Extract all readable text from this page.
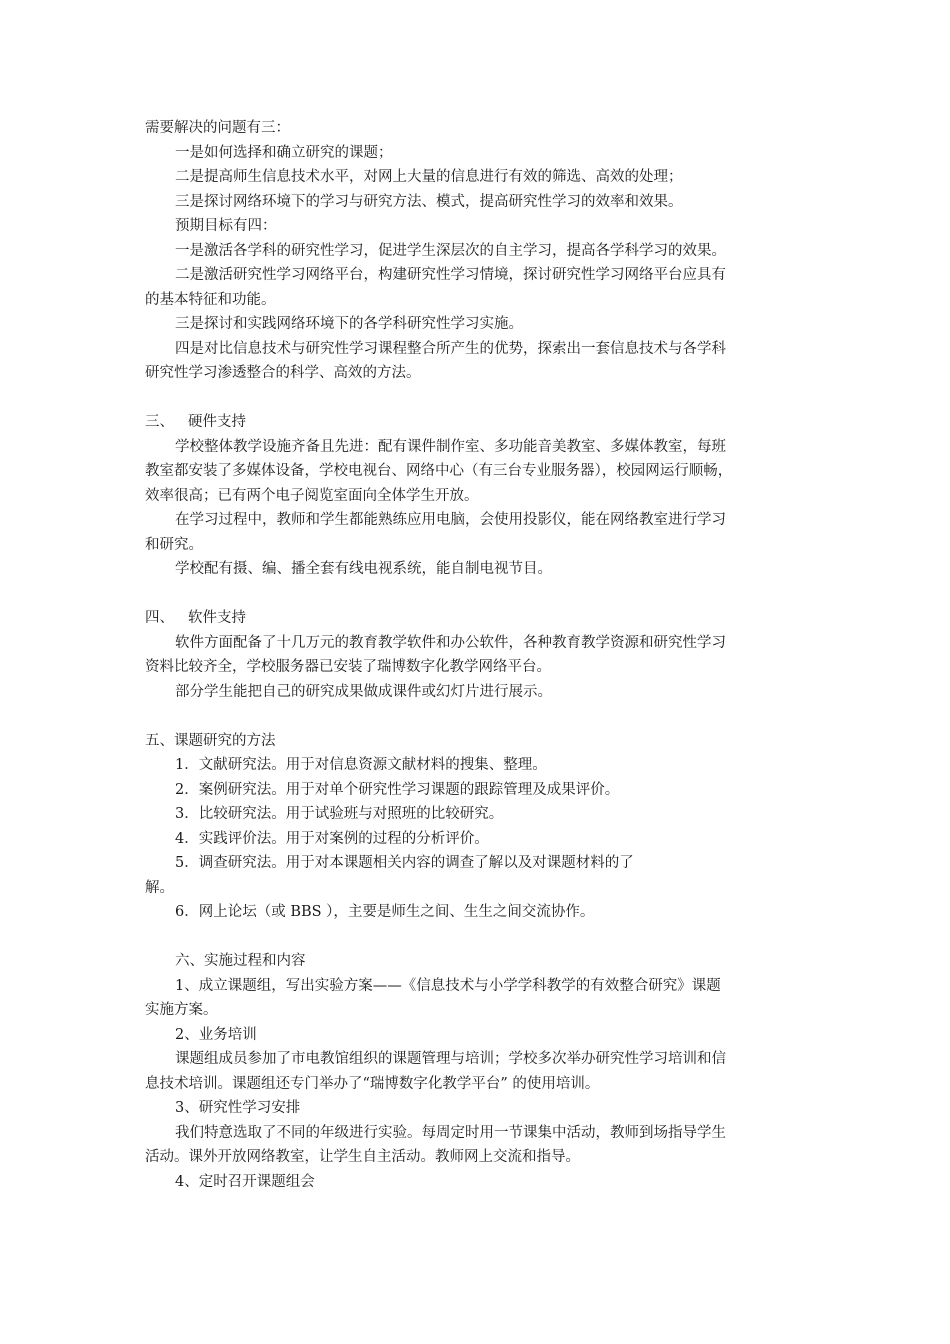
需要解决的问题有三：
一是如何选择和确立研究的课题；
二是提高师生信息技术水平，对网上大量的信息进行有效的筛选、高效的处理；
三是探讨网络环境下的学习与研究方法、模式，提高研究性学习的效率和效果。
预期目标有四：
一是激活各学科的研究性学习，促进学生深层次的自主学习，提高各学科学习的效果。
二是激活研究性学习网络平台，构建研究性学习情境，探讨研究性学习网络平台应具有
的基本特征和功能。
三是探讨和实践网络环境下的各学科研究性学习实施。
四是对比信息技术与研究性学习课程整合所产生的优势，探索出一套信息技术与各学科
研究性学习渗透整合的科学、高效的方法。
三、 硬件支持
学校整体教学设施齐备且先进：配有课件制作室、多功能音美教室、多媒体教室，每班
教室都安装了多媒体设备，学校电视台、网络中心（有三台专业服务器），校园网运行顺畅，
效率很高；已有两个电子阅览室面向全体学生开放。
在学习过程中，教师和学生都能熟练应用电脑，会使用投影仪，能在网络教室进行学习
和研究。
学校配有摄、编、播全套有线电视系统，能自制电视节目。
四、 软件支持
软件方面配备了十几万元的教育教学软件和办公软件，各种教育教学资源和研究性学习
资料比较齐全，学校服务器已安装了瑞博数字化教学网络平台。
部分学生能把自己的研究成果做成课件或幻灯片进行展示。
五、课题研究的方法
1．文献研究法。用于对信息资源文献材料的搜集、整理。
2．案例研究法。用于对单个研究性学习课题的跟踪管理及成果评价。
3．比较研究法。用于试验班与对照班的比较研究。
4．实践评价法。用于对案例的过程的分析评价。
5．调查研究法。用于对本课题相关内容的调查了解以及对课题材料的了
解。
6．网上论坛（或 BBS ），主要是师生之间、生生之间交流协作。
六、实施过程和内容
1、成立课题组，写出实验方案——《信息技术与小学学科教学的有效整合研究》课题
实施方案。
2、业务培训
课题组成员参加了市电教馆组织的课题管理与培训；学校多次举办研究性学习培训和信
息技术培训。课题组还专门举办了“瑞博数字化教学平台” 的使用培训。
3、研究性学习安排
我们特意选取了不同的年级进行实验。每周定时用一节课集中活动，教师到场指导学生
活动。课外开放网络教室，让学生自主活动。教师网上交流和指导。
4、定时召开课题组会
